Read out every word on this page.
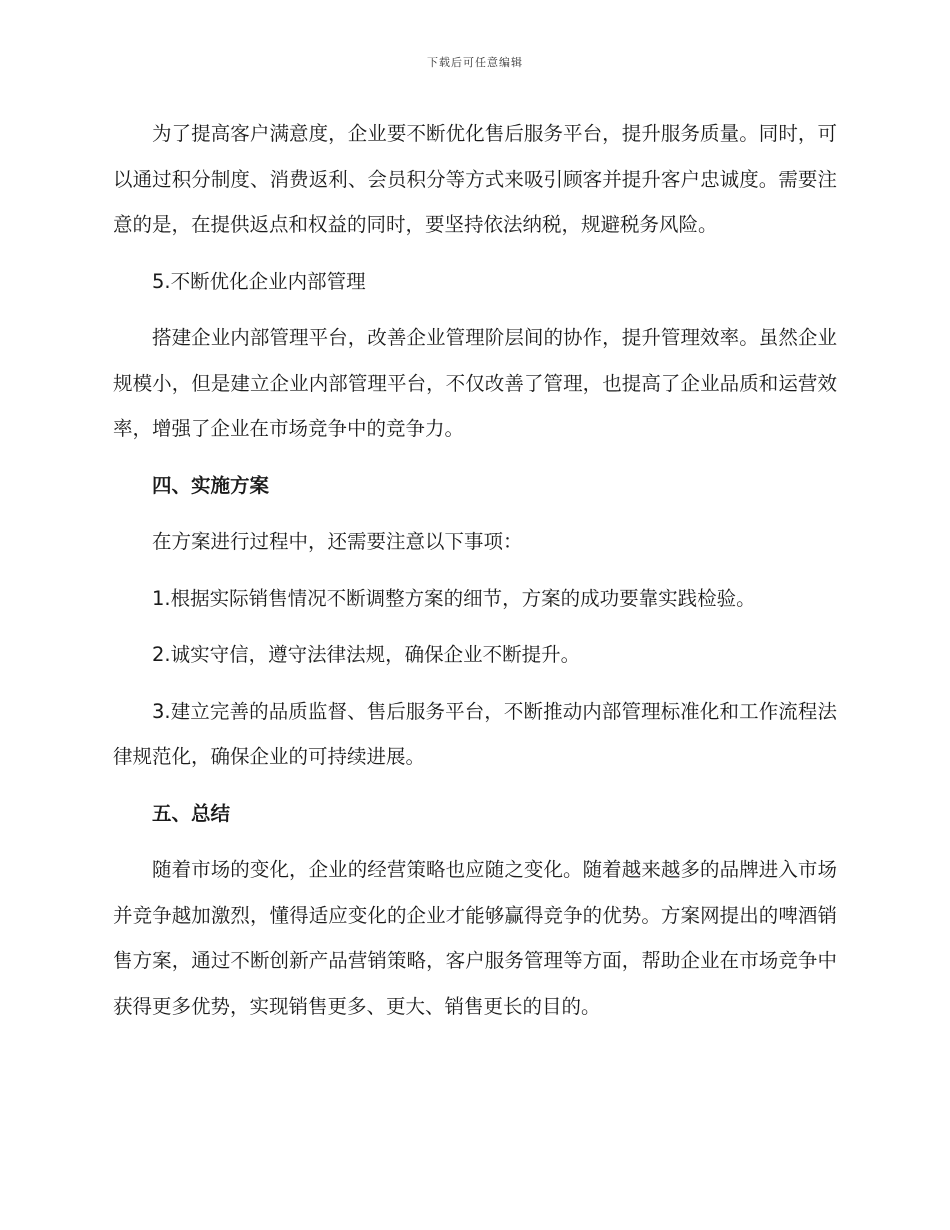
下载后可任意编辑

为了提高客户满意度，企业要不断优化售后服务平台，提升服务质量。同时，可以通过积分制度、消费返利、会员积分等方式来吸引顾客并提升客户忠诚度。需要注意的是，在提供返点和权益的同时，要坚持依法纳税，规避税务风险。

5.不断优化企业内部管理

搭建企业内部管理平台，改善企业管理阶层间的协作，提升管理效率。虽然企业规模小，但是建立企业内部管理平台，不仅改善了管理，也提高了企业品质和运营效率，增强了企业在市场竞争中的竞争力。

四、实施方案

在方案进行过程中，还需要注意以下事项：

1.根据实际销售情况不断调整方案的细节，方案的成功要靠实践检验。

2.诚实守信，遵守法律法规，确保企业不断提升。

3.建立完善的品质监督、售后服务平台，不断推动内部管理标准化和工作流程法律规范化，确保企业的可持续进展。

五、总结

随着市场的变化，企业的经营策略也应随之变化。随着越来越多的品牌进入市场并竞争越加激烈，懂得适应变化的企业才能够赢得竞争的优势。方案网提出的啤酒销售方案，通过不断创新产品营销策略，客户服务管理等方面，帮助企业在市场竞争中获得更多优势，实现销售更多、更大、销售更长的目的。
